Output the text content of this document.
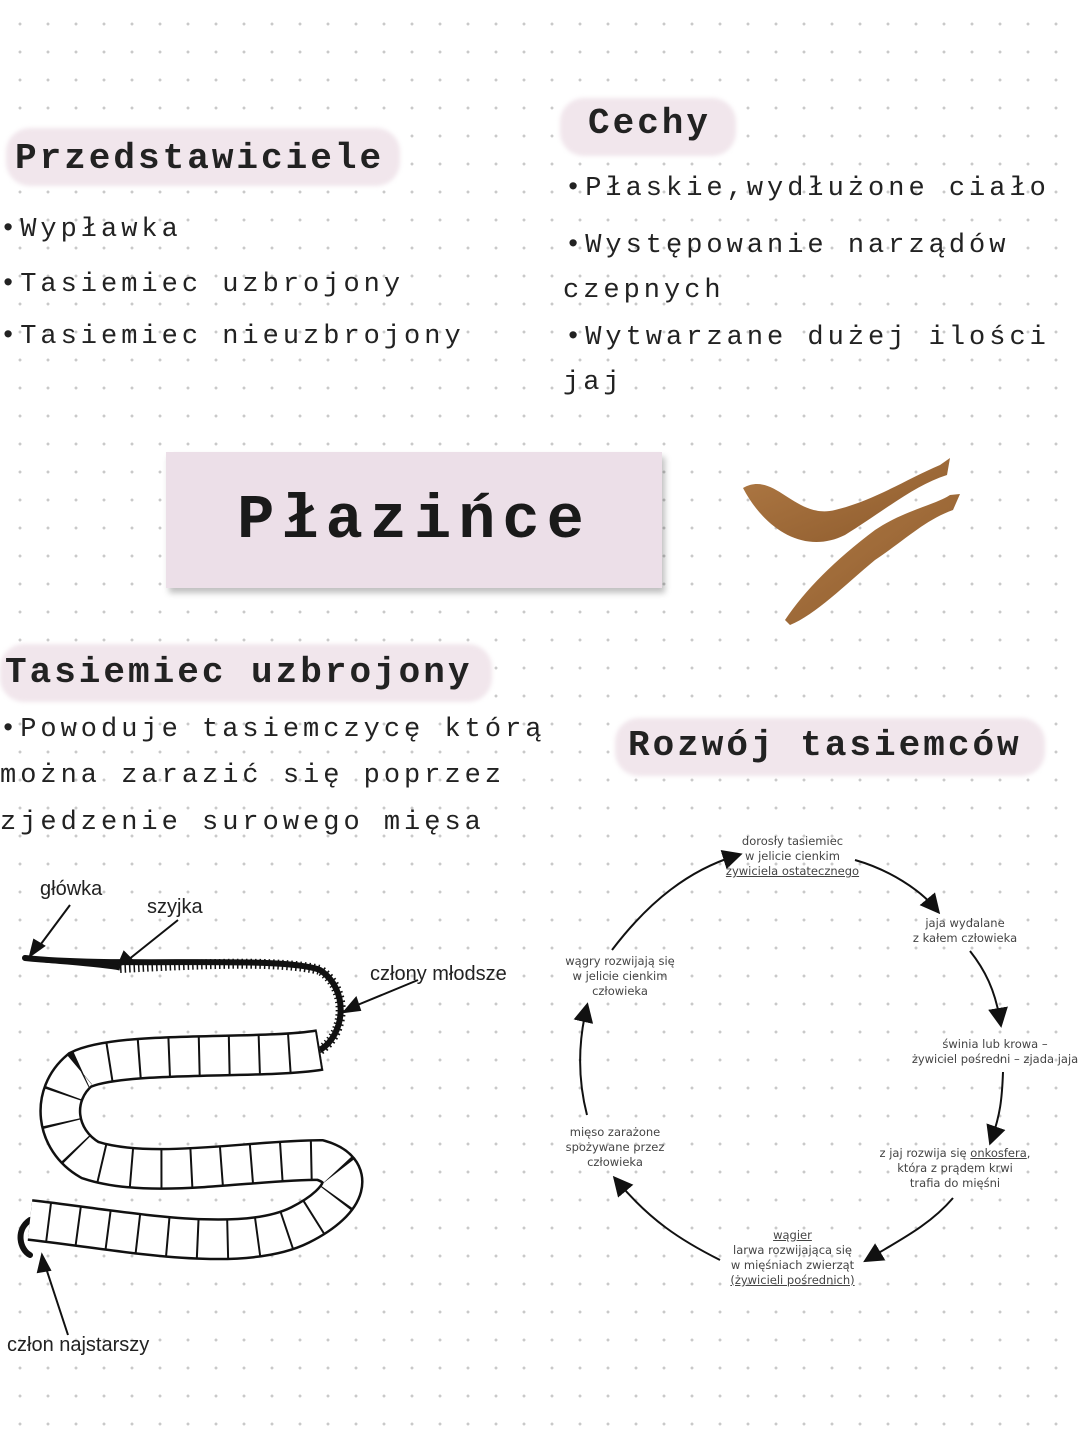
Przedstawiciele
•Wypławka
•Tasiemiec uzbrojony
•Tasiemiec nieuzbrojony
Cechy
•Płaskie,wydłużone ciało
•Występowanie narządów
czepnych
•Wytwarzane dużej ilości
jaj
Płazińce
Tasiemiec uzbrojony
•Powoduje tasiemczycę którą
można zarazić się poprzez
zjedzenie surowego mięsa
główka
szyjka
człony młodsze
człon najstarszy
Rozwój tasiemców
dorosły tasiemiec
w jelicie cienkim
żywiciela ostatecznego
jaja wydalane
z kałem człowieka
świnia lub krowa –
żywiciel pośredni – zjada jaja
z jaj rozwija się onkosfera,
która z prądem krwi
trafia do mięśni
wągier
larwa rozwijająca się
w mięśniach zwierząt
(żywicieli pośrednich)
mięso zarażone
spożywane przez
człowieka
wągry rozwijają się
w jelicie cienkim
człowieka
